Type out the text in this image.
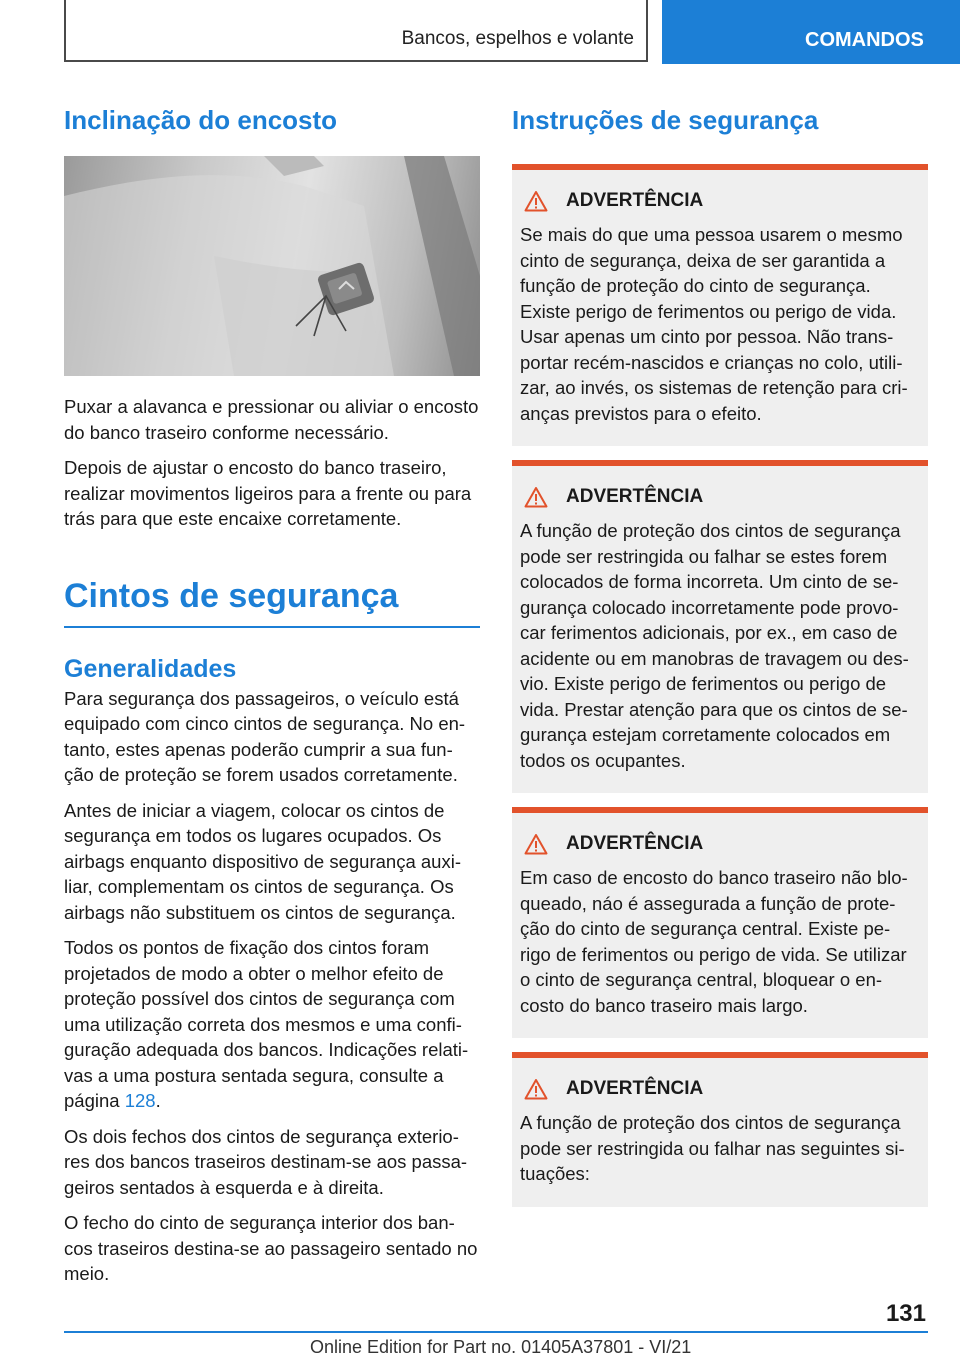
Bancos, espelhos e volante	COMANDOS
Inclinação do encosto

Puxar a alavanca e pressionar ou aliviar o encosto do banco traseiro conforme necessário.

Depois de ajustar o encosto do banco traseiro, realizar movimentos ligeiros para a frente ou para trás para que este encaixe corretamente.

Cintos de segurança
Generalidades

Para segurança dos passageiros, o veículo está equipado com cinco cintos de segurança. No en-tanto, estes apenas poderão cumprir a sua fun-ção de proteção se forem usados corretamente.

Antes de iniciar a viagem, colocar os cintos de segurança em todos os lugares ocupados. Os airbags enquanto dispositivo de segurança auxi-liar, complementam os cintos de segurança. Os airbags não substituem os cintos de segurança.

Todos os pontos de fixação dos cintos foram projetados de modo a obter o melhor efeito de proteção possível dos cintos de segurança com uma utilização correta dos mesmos e uma confi-guração adequada dos bancos. Indicações relati-vas a uma postura sentada segura, consulte a página 128.

Os dois fechos dos cintos de segurança exterio-res dos bancos traseiros destinam-se aos passa-geiros sentados à esquerda e à direita.

O fecho do cinto de segurança interior dos ban-cos traseiros destina-se ao passageiro sentado no meio.

Instruções de segurança
ADVERTÊNCIA

Se mais do que uma pessoa usarem o mesmo cinto de segurança, deixa de ser garantida a função de proteção do cinto de segurança. Existe perigo de ferimentos ou perigo de vida. Usar apenas um cinto por pessoa. Não trans-portar recém-nascidos e crianças no colo, utili-zar, ao invés, os sistemas de retenção para cri-anças previstos para o efeito.

ADVERTÊNCIA

A função de proteção dos cintos de segurança pode ser restringida ou falhar se estes forem colocados de forma incorreta. Um cinto de se-gurança colocado incorretamente pode provo-car ferimentos adicionais, por ex., em caso de acidente ou em manobras de travagem ou des-vio. Existe perigo de ferimentos ou perigo de vida. Prestar atenção para que os cintos de se-gurança estejam corretamente colocados em todos os ocupantes.

ADVERTÊNCIA

Em caso de encosto do banco traseiro não blo-queado, náo é assegurada a função de prote-ção do cinto de segurança central. Existe pe-rigo de ferimentos ou perigo de vida. Se utilizar o cinto de segurança central, bloquear o en-costo do banco traseiro mais largo.

ADVERTÊNCIA

A função de proteção dos cintos de segurança pode ser restringida ou falhar nas seguintes si-tuações:

131
Online Edition for Part no. 01405A37801 - VI/21
